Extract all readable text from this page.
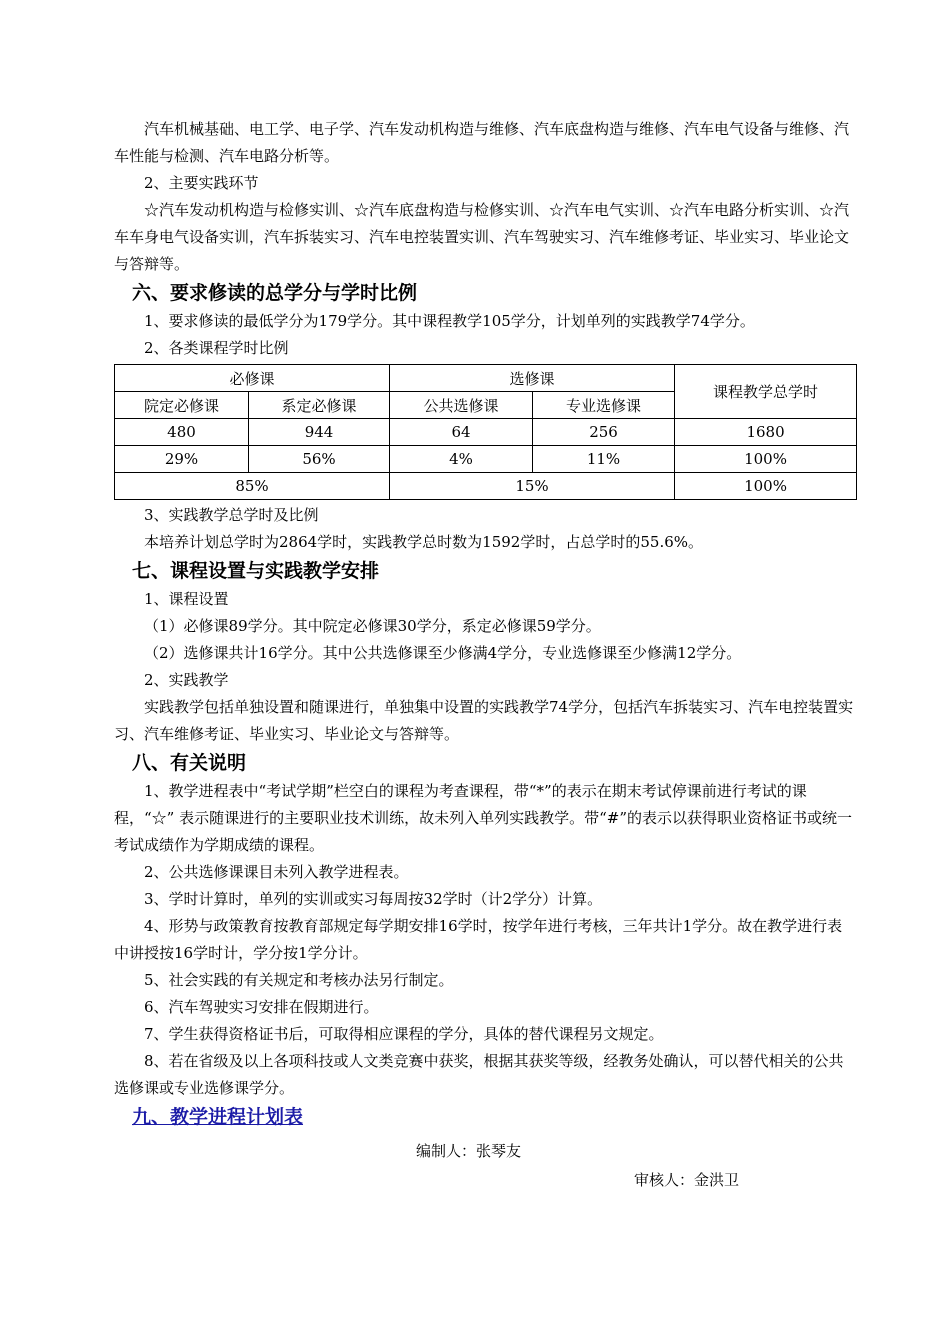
汽车机械基础、电工学、电子学、汽车发动机构造与维修、汽车底盘构造与维修、汽车电气设备与维修、汽车性能与检测、汽车电路分析等。

2、主要实践环节

☆汽车发动机构造与检修实训、☆汽车底盘构造与检修实训、☆汽车电气实训、☆汽车电路分析实训、☆汽车车身电气设备实训，汽车拆装实习、汽车电控装置实训、汽车驾驶实习、汽车维修考证、毕业实习、毕业论文与答辩等。

六、要求修读的总学分与学时比例

1、要求修读的最低学分为179学分。其中课程教学105学分，计划单列的实践教学74学分。

2、各类课程学时比例

必修课		选修课		课程教学总学时
院定必修课	系定必修课	公共选修课	专业选修课	
480	944	64	256	1680
29%	56%	4%	11%	100%
85%		15%		100%

3、实践教学总学时及比例

本培养计划总学时为2864学时，实践教学总时数为1592学时，占总学时的55.6%。

七、课程设置与实践教学安排

1、课程设置

（1）必修课89学分。其中院定必修课30学分，系定必修课59学分。

（2）选修课共计16学分。其中公共选修课至少修满4学分，专业选修课至少修满12学分。

2、实践教学

实践教学包括单独设置和随课进行，单独集中设置的实践教学74学分，包括汽车拆装实习、汽车电控装置实习、汽车维修考证、毕业实习、毕业论文与答辩等。

八、有关说明

1、教学进程表中“考试学期”栏空白的课程为考查课程，带“*”的表示在期末考试停课前进行考试的课程，“☆” 表示随课进行的主要职业技术训练，故未列入单列实践教学。带“#”的表示以获得职业资格证书或统一考试成绩作为学期成绩的课程。

2、公共选修课课目未列入教学进程表。

3、学时计算时，单列的实训或实习每周按32学时（计2学分）计算。

4、形势与政策教育按教育部规定每学期安排16学时，按学年进行考核，三年共计1学分。故在教学进行表中讲授按16学时计，学分按1学分计。

5、社会实践的有关规定和考核办法另行制定。

6、汽车驾驶实习安排在假期进行。

7、学生获得资格证书后，可取得相应课程的学分，具体的替代课程另文规定。

8、若在省级及以上各项科技或人文类竞赛中获奖，根据其获奖等级，经教务处确认，可以替代相关的公共选修课或专业选修课学分。

九、教学进程计划表

编制人：张琴友

审核人：金洪卫
